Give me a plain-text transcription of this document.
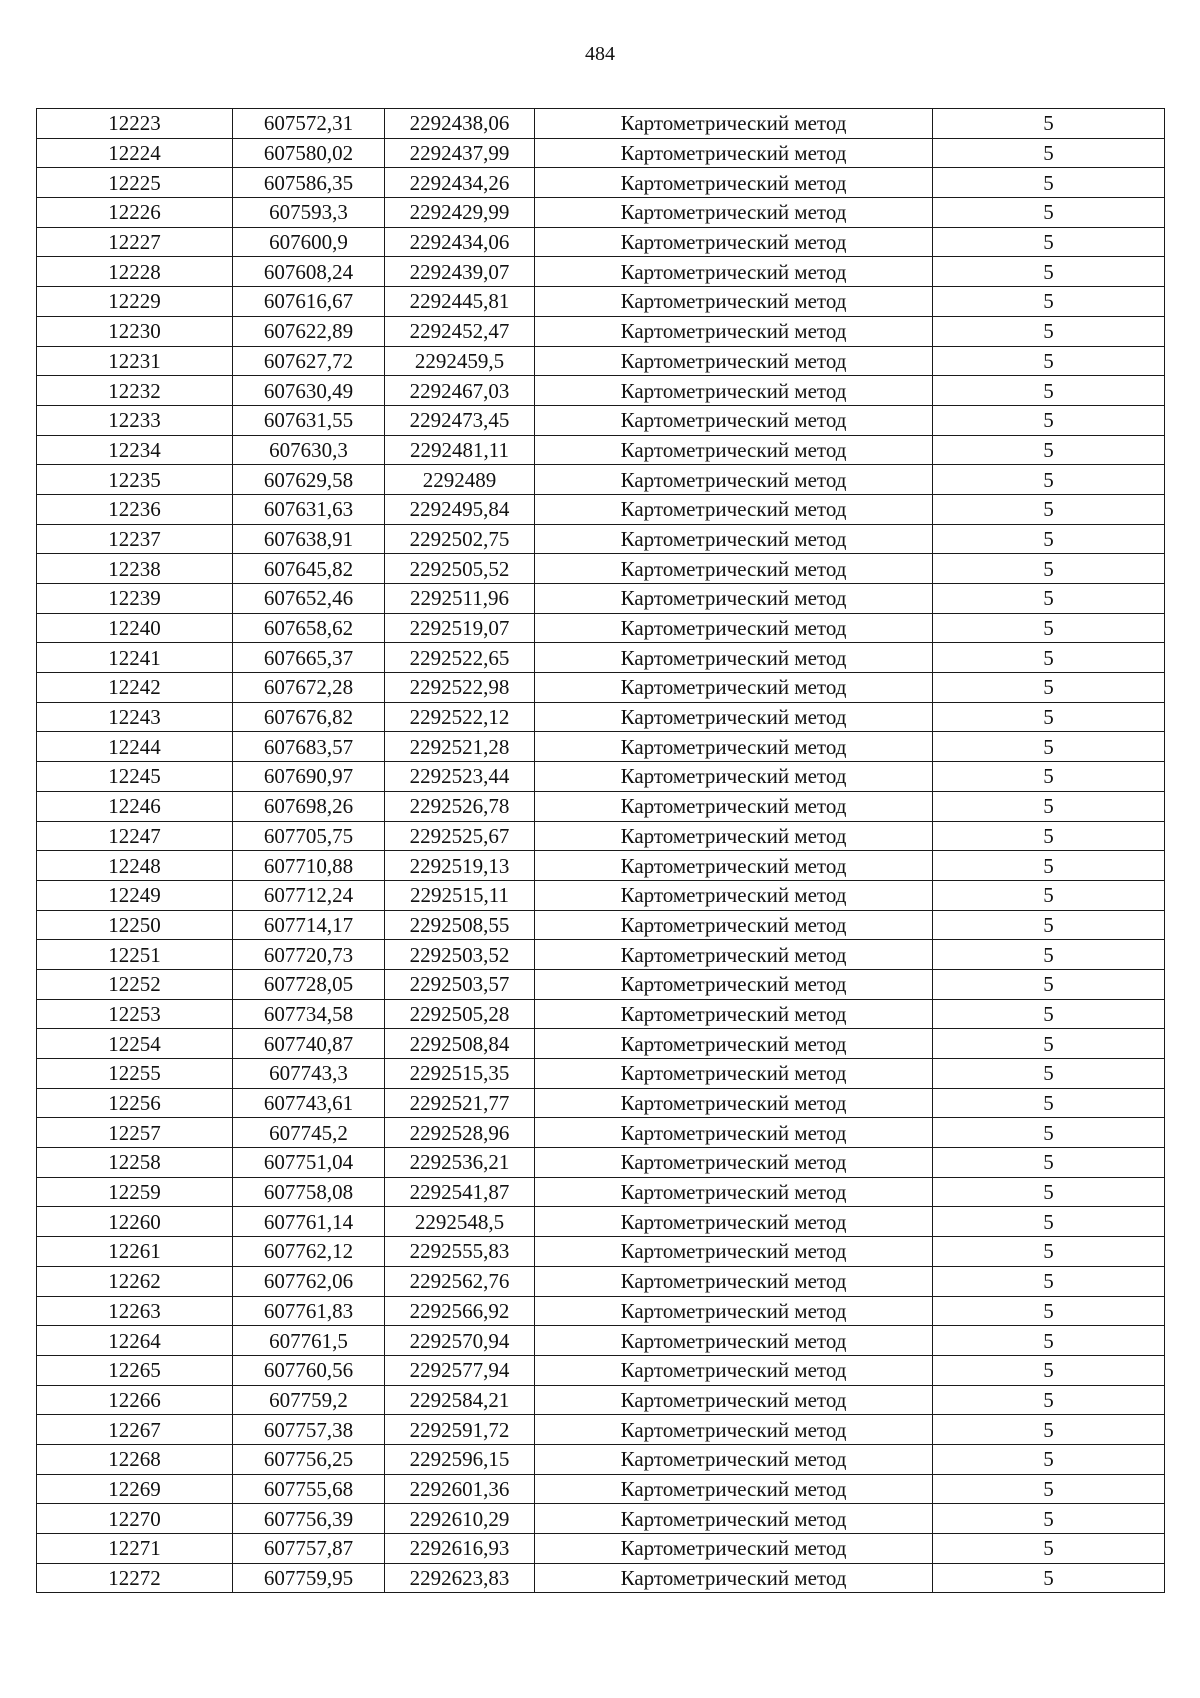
484
12223	607572,31	2292438,06	Картометрический метод	5
12224	607580,02	2292437,99	Картометрический метод	5
12225	607586,35	2292434,26	Картометрический метод	5
12226	607593,3	2292429,99	Картометрический метод	5
12227	607600,9	2292434,06	Картометрический метод	5
12228	607608,24	2292439,07	Картометрический метод	5
12229	607616,67	2292445,81	Картометрический метод	5
12230	607622,89	2292452,47	Картометрический метод	5
12231	607627,72	2292459,5	Картометрический метод	5
12232	607630,49	2292467,03	Картометрический метод	5
12233	607631,55	2292473,45	Картометрический метод	5
12234	607630,3	2292481,11	Картометрический метод	5
12235	607629,58	2292489	Картометрический метод	5
12236	607631,63	2292495,84	Картометрический метод	5
12237	607638,91	2292502,75	Картометрический метод	5
12238	607645,82	2292505,52	Картометрический метод	5
12239	607652,46	2292511,96	Картометрический метод	5
12240	607658,62	2292519,07	Картометрический метод	5
12241	607665,37	2292522,65	Картометрический метод	5
12242	607672,28	2292522,98	Картометрический метод	5
12243	607676,82	2292522,12	Картометрический метод	5
12244	607683,57	2292521,28	Картометрический метод	5
12245	607690,97	2292523,44	Картометрический метод	5
12246	607698,26	2292526,78	Картометрический метод	5
12247	607705,75	2292525,67	Картометрический метод	5
12248	607710,88	2292519,13	Картометрический метод	5
12249	607712,24	2292515,11	Картометрический метод	5
12250	607714,17	2292508,55	Картометрический метод	5
12251	607720,73	2292503,52	Картометрический метод	5
12252	607728,05	2292503,57	Картометрический метод	5
12253	607734,58	2292505,28	Картометрический метод	5
12254	607740,87	2292508,84	Картометрический метод	5
12255	607743,3	2292515,35	Картометрический метод	5
12256	607743,61	2292521,77	Картометрический метод	5
12257	607745,2	2292528,96	Картометрический метод	5
12258	607751,04	2292536,21	Картометрический метод	5
12259	607758,08	2292541,87	Картометрический метод	5
12260	607761,14	2292548,5	Картометрический метод	5
12261	607762,12	2292555,83	Картометрический метод	5
12262	607762,06	2292562,76	Картометрический метод	5
12263	607761,83	2292566,92	Картометрический метод	5
12264	607761,5	2292570,94	Картометрический метод	5
12265	607760,56	2292577,94	Картометрический метод	5
12266	607759,2	2292584,21	Картометрический метод	5
12267	607757,38	2292591,72	Картометрический метод	5
12268	607756,25	2292596,15	Картометрический метод	5
12269	607755,68	2292601,36	Картометрический метод	5
12270	607756,39	2292610,29	Картометрический метод	5
12271	607757,87	2292616,93	Картометрический метод	5
12272	607759,95	2292623,83	Картометрический метод	5
